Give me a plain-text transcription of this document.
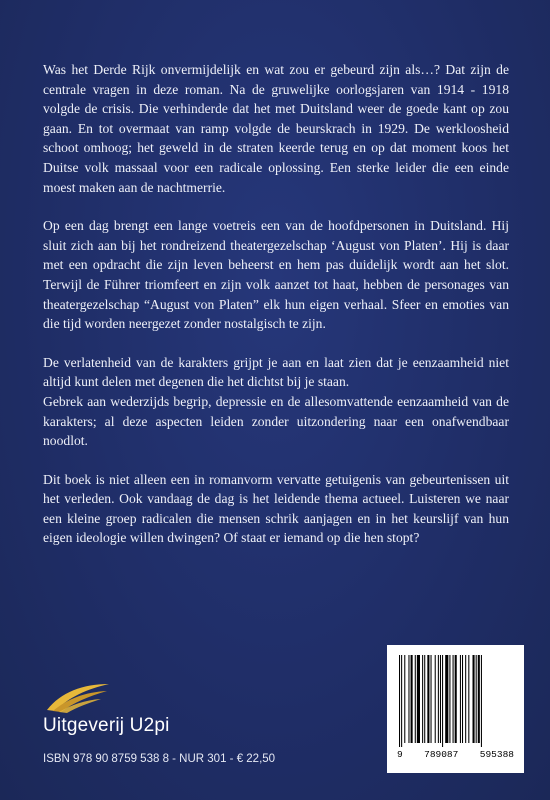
Was het Derde Rijk onvermijdelijk en wat zou er gebeurd zijn als…? Dat zijn de centrale vragen in deze roman. Na de gruwelijke oorlogsjaren van 1914 - 1918 volgde de crisis. Die verhinderde dat het met Duitsland weer de goede kant op zou gaan. En tot overmaat van ramp volgde de beurskrach in 1929. De werkloosheid schoot omhoog; het geweld in de straten keerde terug en op dat moment koos het Duitse volk massaal voor een radicale oplossing. Een sterke leider die een einde moest maken aan de nachtmerrie.

Op een dag brengt een lange voetreis een van de hoofdpersonen in Duitsland. Hij sluit zich aan bij het rondreizend theatergezelschap ‘August von Platen’. Hij is daar met een opdracht die zijn leven beheerst en hem pas duidelijk wordt aan het slot. Terwijl de Führer triomfeert en zijn volk aanzet tot haat, hebben de personages van theatergezelschap “August von Platen” elk hun eigen verhaal. Sfeer en emoties van die tijd worden neergezet zonder nostalgisch te zijn.

De verlatenheid van de karakters grijpt je aan en laat zien dat je eenzaamheid niet altijd kunt delen met degenen die het dichtst bij je staan.

Gebrek aan wederzijds begrip, depressie en de allesomvattende eenzaamheid van de karakters; al deze aspecten leiden zonder uitzondering naar een onafwendbaar noodlot.

Dit boek is niet alleen een in romanvorm vervatte getuigenis van gebeurtenissen uit het verleden. Ook vandaag de dag is het leidende thema actueel. Luisteren we naar een kleine groep radicalen die mensen schrik aanjagen en in het keurslijf van hun eigen ideologie willen dwingen? Of staat er iemand op die hen stopt?

Uitgeverij U2pi
ISBN 978 90 8759 538 8 - NUR 301 - € 22,50	9 789087 595388
